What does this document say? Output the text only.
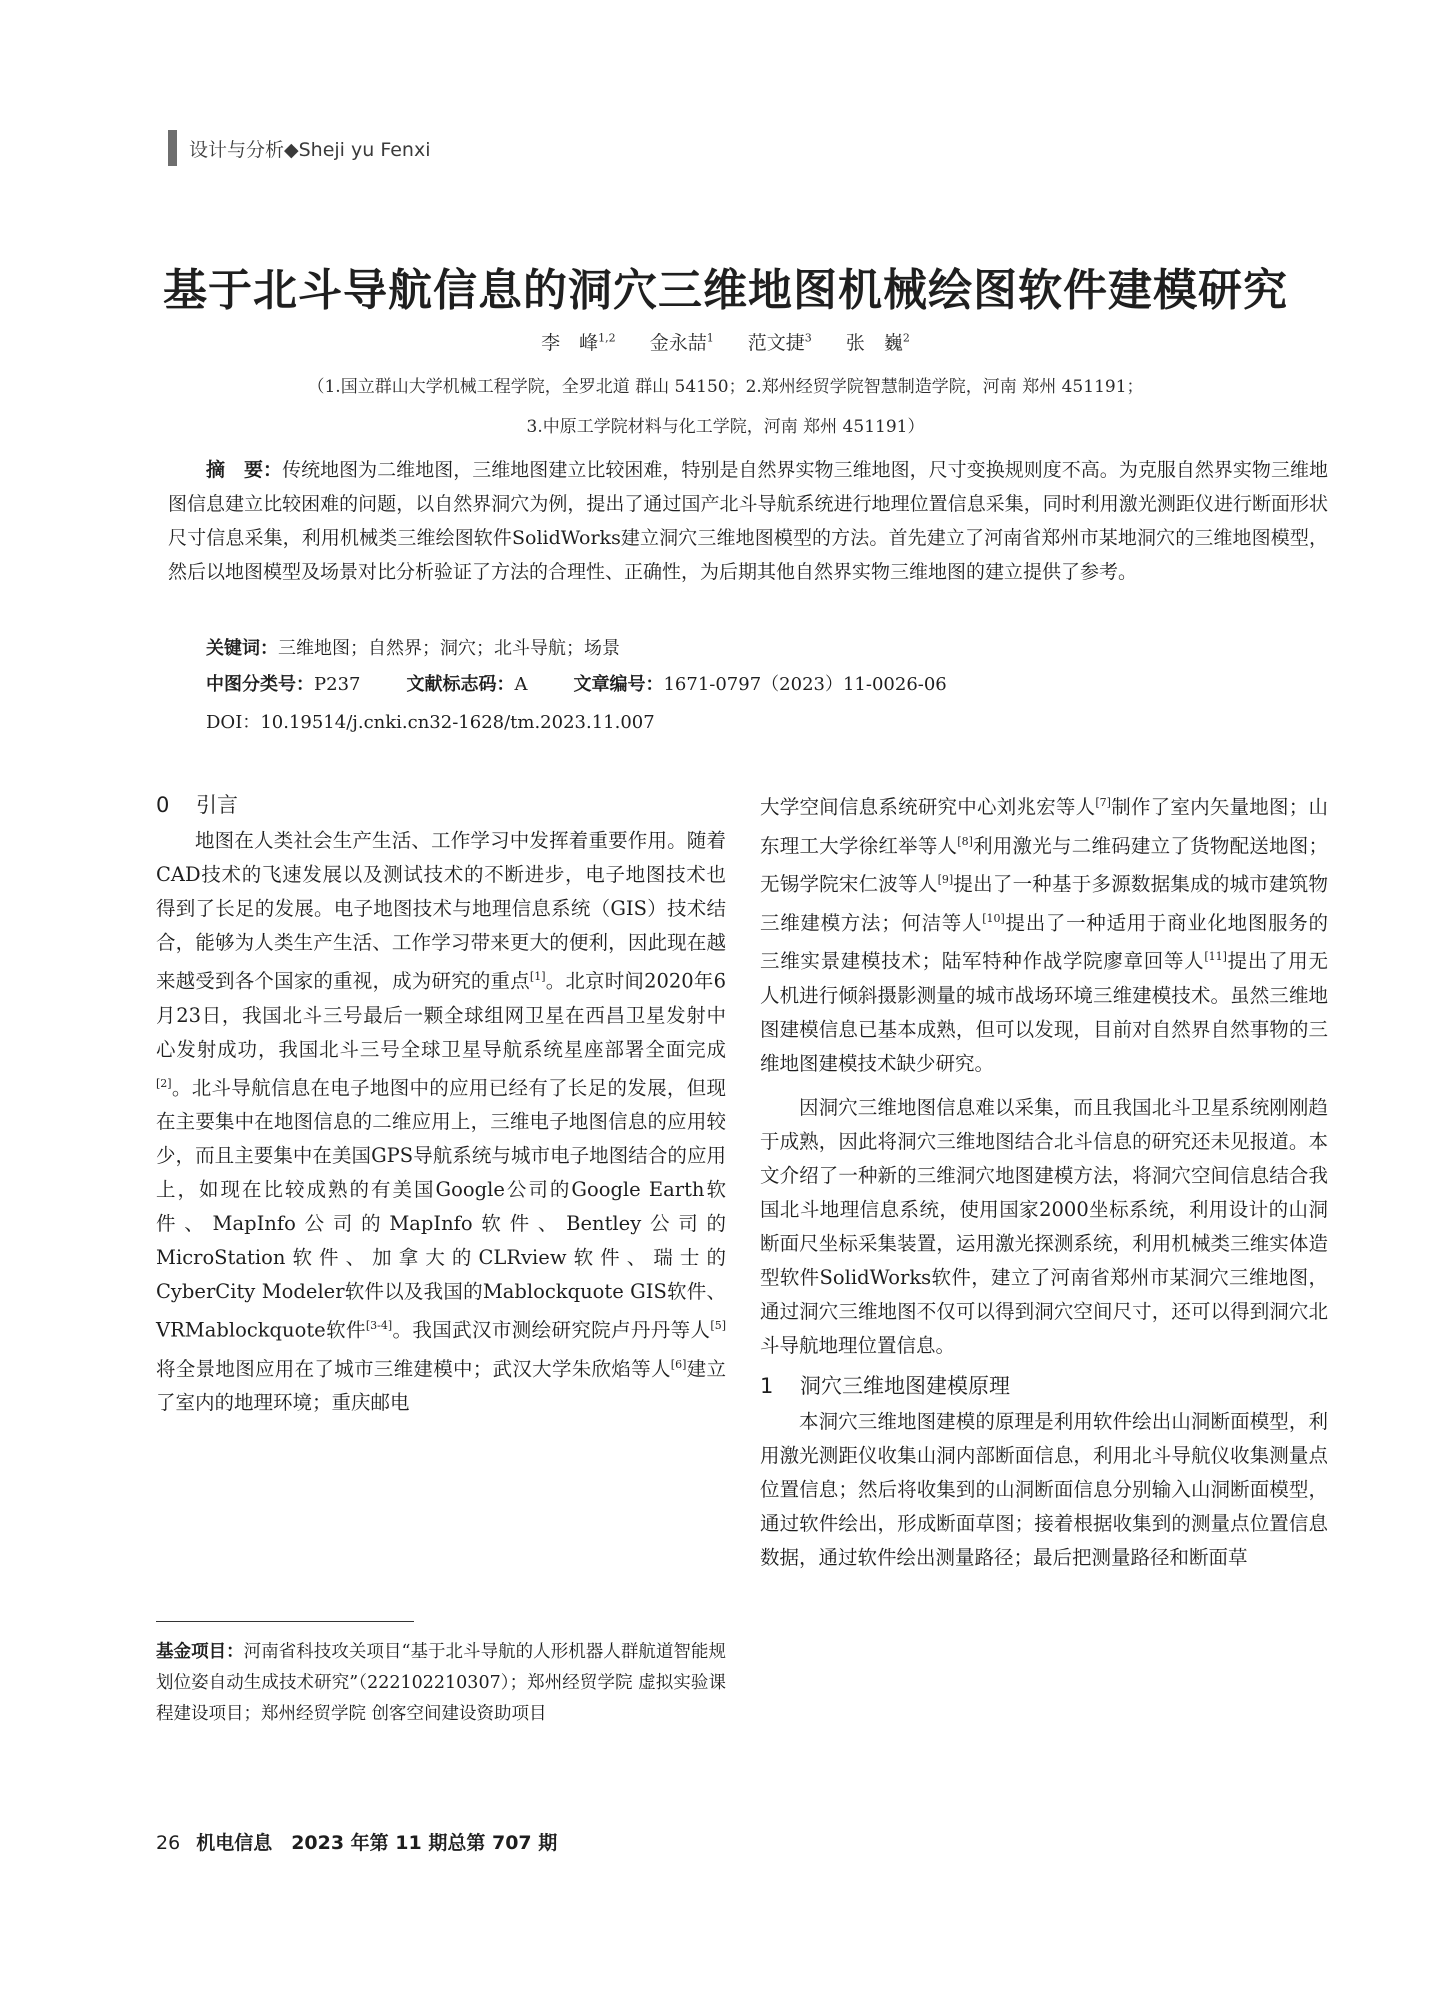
设计与分析◆Sheji yu Fenxi
基于北斗导航信息的洞穴三维地图机械绘图软件建模研究
李　峰$^{1,2}$ 金永喆$^1$ 范文捷$^3$ 张　巍$^2$
（1.国立群山大学机械工程学院，全罗北道 群山 54150；2.郑州经贸学院智慧制造学院，河南 郑州 451191；
3.中原工学院材料与化工学院，河南 郑州 451191）
摘　要：传统地图为二维地图，三维地图建立比较困难，特别是自然界实物三维地图，尺寸变换规则度不高。为克服自然界实物三维地图信息建立比较困难的问题，以自然界洞穴为例，提出了通过国产北斗导航系统进行地理位置信息采集，同时利用激光测距仪进行断面形状尺寸信息采集，利用机械类三维绘图软件SolidWorks建立洞穴三维地图模型的方法。首先建立了河南省郑州市某地洞穴的三维地图模型，然后以地图模型及场景对比分析验证了方法的合理性、正确性，为后期其他自然界实物三维地图的建立提供了参考。
关键词：三维地图；自然界；洞穴；北斗导航；场景
中图分类号：P237	文献标志码：A	文章编号：1671-0797（2023）11-0026-06
DOI：10.19514/j.cnki.cn32-1628/tm.2023.11.007
0 引言

地图在人类社会生产生活、工作学习中发挥着重要作用。随着CAD技术的飞速发展以及测试技术的不断进步，电子地图技术也得到了长足的发展。电子地图技术与地理信息系统（GIS）技术结合，能够为人类生产生活、工作学习带来更大的便利，因此现在越来越受到各个国家的重视，成为研究的重点[1]。北京时间2020年6月23日，我国北斗三号最后一颗全球组网卫星在西昌卫星发射中心发射成功，我国北斗三号全球卫星导航系统星座部署全面完成[2]。北斗导航信息在电子地图中的应用已经有了长足的发展，但现在主要集中在地图信息的二维应用上，三维电子地图信息的应用较少，而且主要集中在美国GPS导航系统与城市电子地图结合的应用上，如现在比较成熟的有美国Google公司的Google Earth软件、MapInfo公司的MapInfo软件、Bentley公司的MicroStation软件、加拿大的CLRview软件、瑞士的CyberCity Modeler软件以及我国的Mablockquote GIS软件、VRMablockquote软件[3-4]。我国武汉市测绘研究院卢丹丹等人[5]将全景地图应用在了城市三维建模中；武汉大学朱欣焰等人[6]建立了室内的地理环境；重庆邮电

大学空间信息系统研究中心刘兆宏等人[7]制作了室内矢量地图；山东理工大学徐红举等人[8]利用激光与二维码建立了货物配送地图；无锡学院宋仁波等人[9]提出了一种基于多源数据集成的城市建筑物三维建模方法；何洁等人[10]提出了一种适用于商业化地图服务的三维实景建模技术；陆军特种作战学院廖章回等人[11]提出了用无人机进行倾斜摄影测量的城市战场环境三维建模技术。虽然三维地图建模信息已基本成熟，但可以发现，目前对自然界自然事物的三维地图建模技术缺少研究。

因洞穴三维地图信息难以采集，而且我国北斗卫星系统刚刚趋于成熟，因此将洞穴三维地图结合北斗信息的研究还未见报道。本文介绍了一种新的三维洞穴地图建模方法，将洞穴空间信息结合我国北斗地理信息系统，使用国家2000坐标系统，利用设计的山洞断面尺坐标采集装置，运用激光探测系统，利用机械类三维实体造型软件SolidWorks软件，建立了河南省郑州市某洞穴三维地图，通过洞穴三维地图不仅可以得到洞穴空间尺寸，还可以得到洞穴北斗导航地理位置信息。

1 洞穴三维地图建模原理

本洞穴三维地图建模的原理是利用软件绘出山洞断面模型，利用激光测距仪收集山洞内部断面信息，利用北斗导航仪收集测量点位置信息；然后将收集到的山洞断面信息分别输入山洞断面模型，通过软件绘出，形成断面草图；接着根据收集到的测量点位置信息数据，通过软件绘出测量路径；最后把测量路径和断面草

基金项目：河南省科技攻关项目“基于北斗导航的人形机器人群航道智能规划位姿自动生成技术研究”（222102210307）；郑州经贸学院 虚拟实验课程建设项目；郑州经贸学院 创客空间建设资助项目
26 机电信息　2023 年第 11 期总第 707 期
